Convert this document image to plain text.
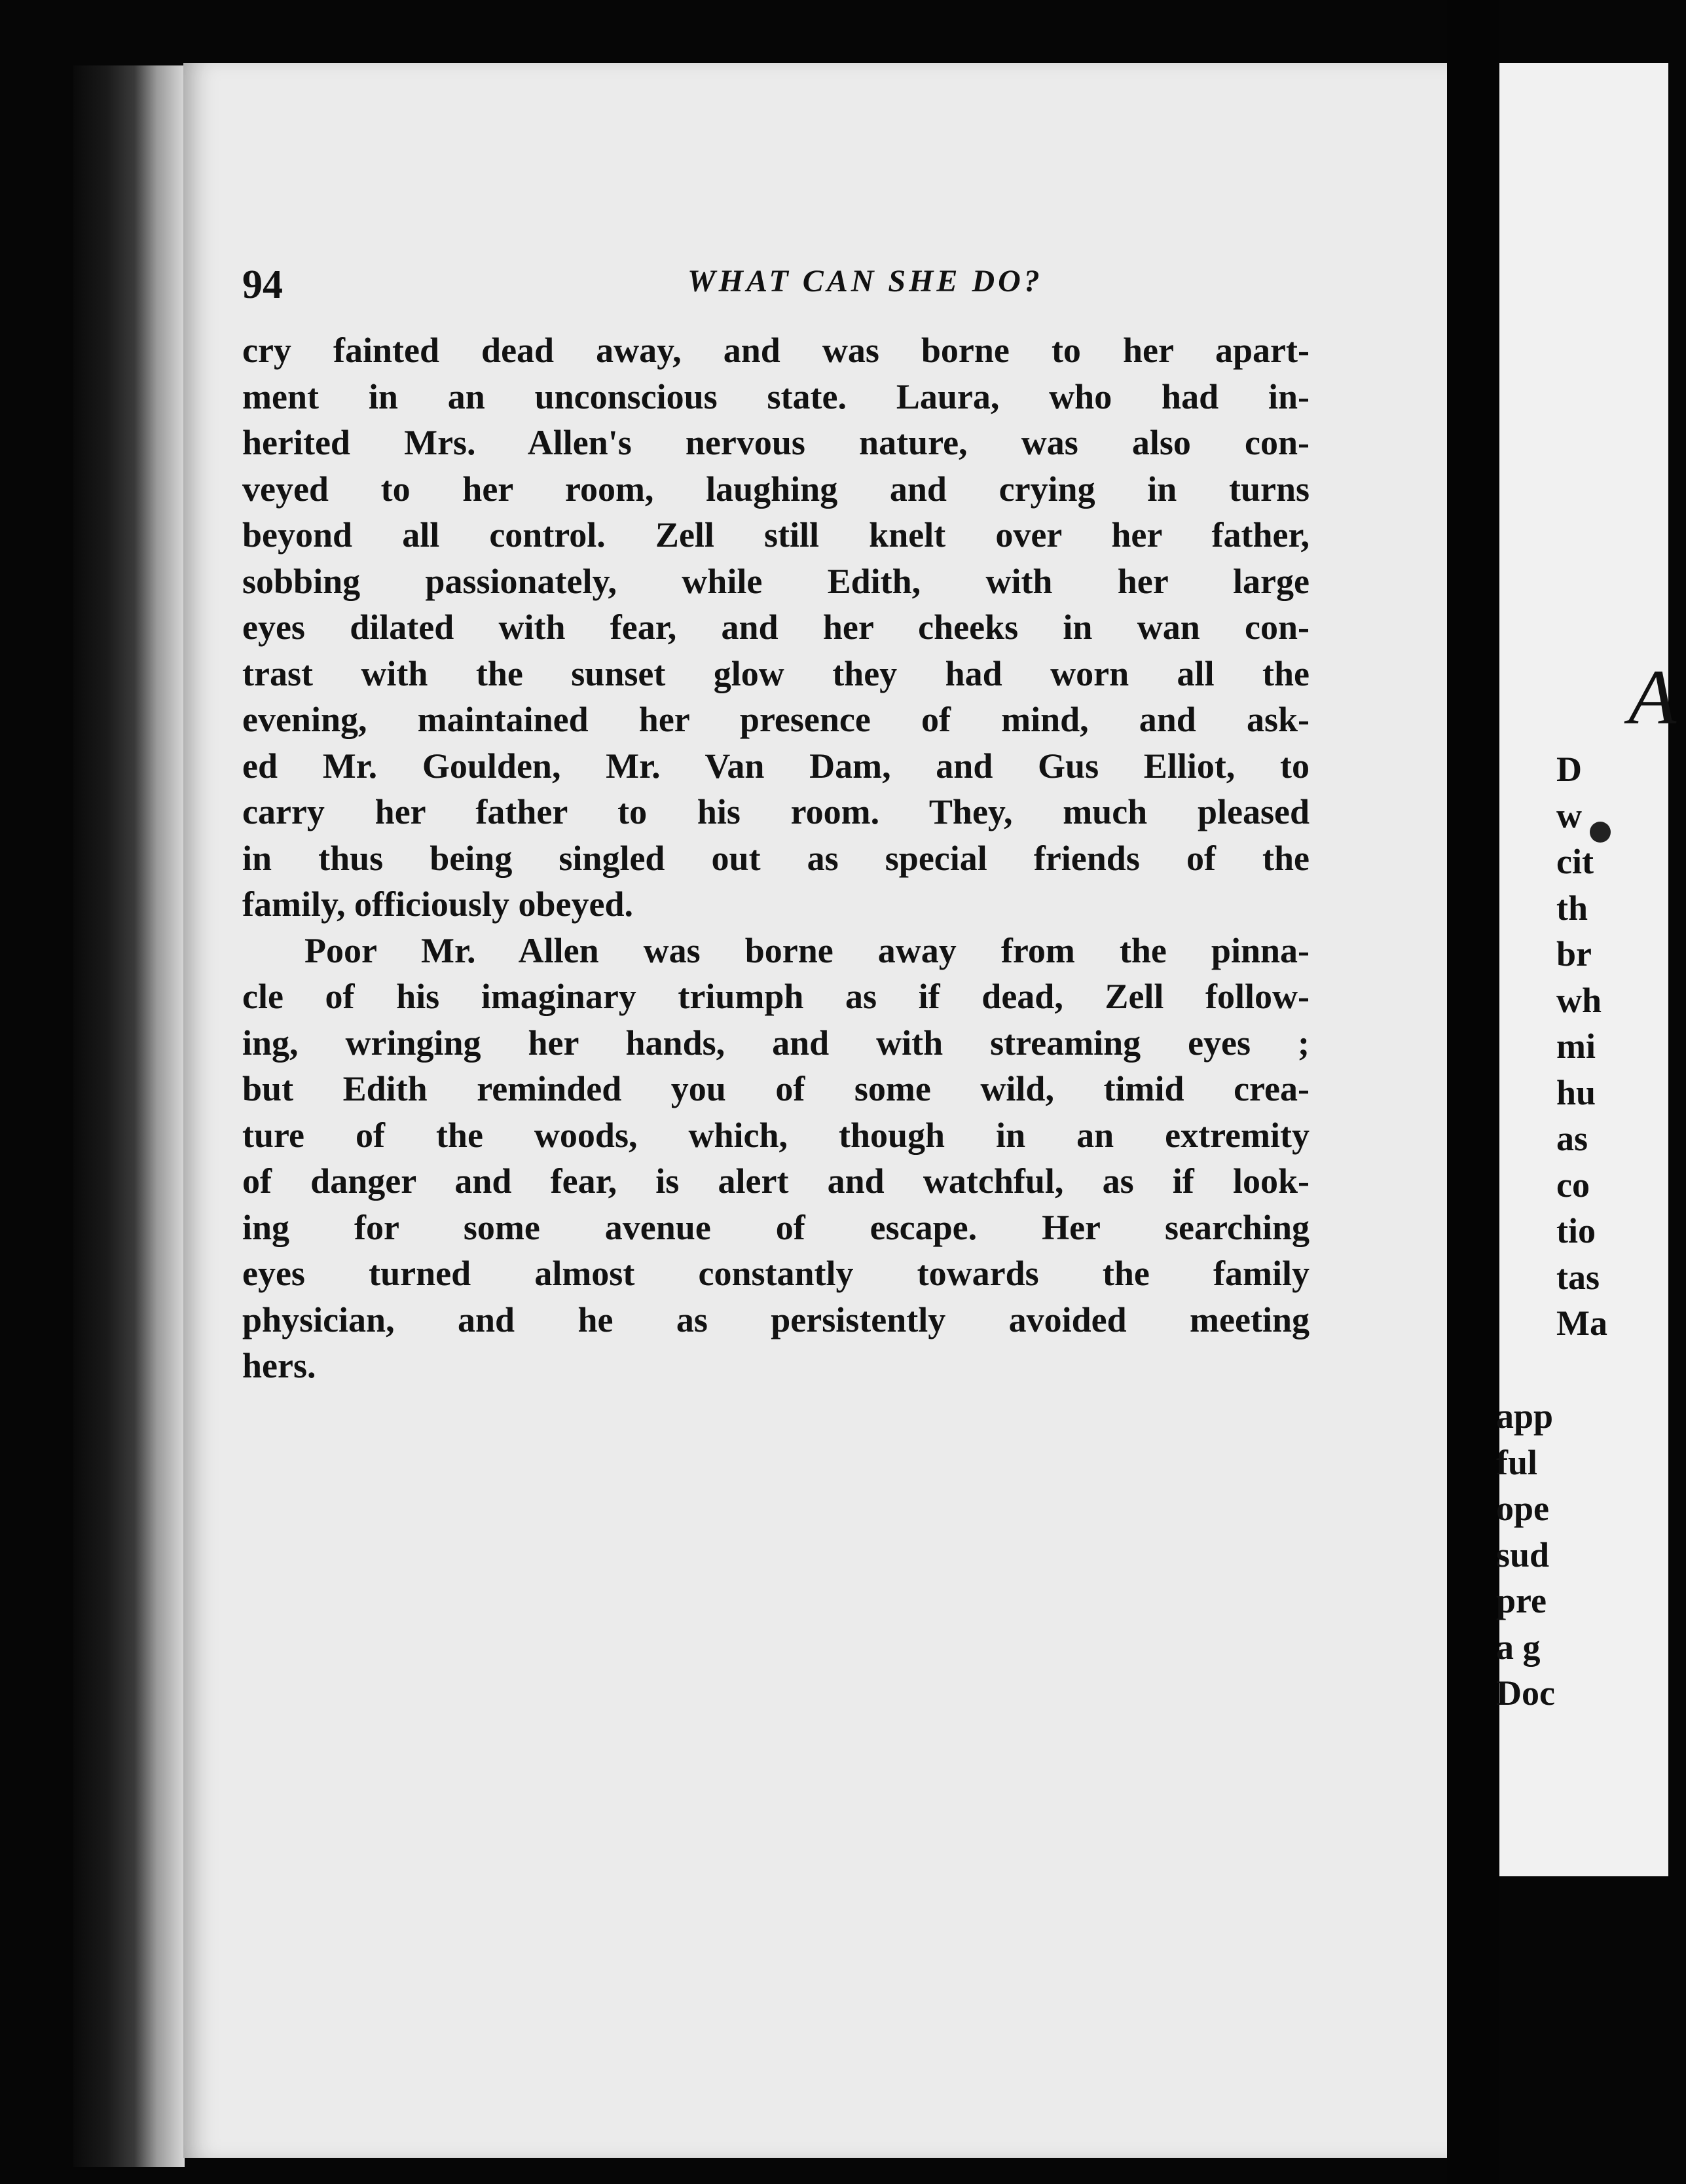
94	WHAT CAN SHE DO?
cry fainted dead away, and was borne to her apart-
ment in an unconscious state. Laura, who had in-
herited Mrs. Allen's nervous nature, was also con-
veyed to her room, laughing and crying in turns
beyond all control. Zell still knelt over her father,
sobbing passionately, while Edith, with her large
eyes dilated with fear, and her cheeks in wan con-
trast with the sunset glow they had worn all the
evening, maintained her presence of mind, and ask-
ed Mr. Goulden, Mr. Van Dam, and Gus Elliot, to
carry her father to his room. They, much pleased
in thus being singled out as special friends of the
family, officiously obeyed.
Poor Mr. Allen was borne away from the pinna-
cle of his imaginary triumph as if dead, Zell follow-
ing, wringing her hands, and with streaming eyes ;
but Edith reminded you of some wild, timid crea-
ture of the woods, which, though in an extremity
of danger and fear, is alert and watchful, as if look-
ing for some avenue of escape. Her searching
eyes turned almost constantly towards the family
physician, and he as persistently avoided meeting
hers.
A
D
w
cit
th
br
wh
mi
hu
as
co
tio
tas
Ma
app
ful
ope
sud
pre
a g
Doc
